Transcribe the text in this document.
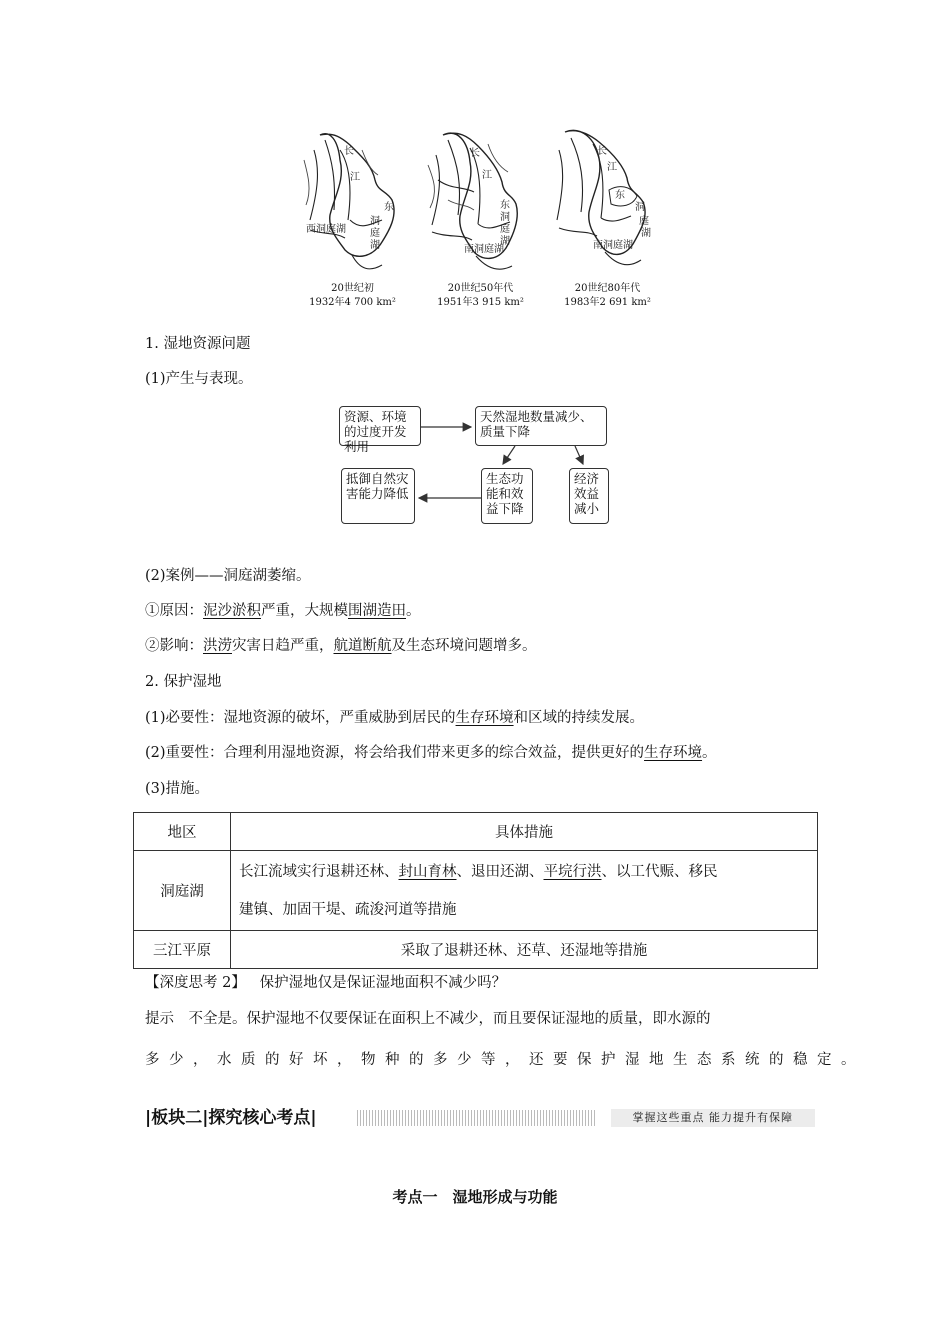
长
江
西洞庭湖
东
洞
庭
湖
20世纪初
1932年4 700 km²
长
江
东
洞
庭
湖
南洞庭湖
20世纪50年代
1951年3 915 km²
长
江
东
洞
庭
湖
南洞庭湖
20世纪80年代
1983年2 691 km²
1. 湿地资源问题
(1)产生与表现。
资源、环境的过度开发利用
天然湿地数量减少、质量下降
生态功能和效益下降
经济效益减小
抵御自然灾害能力降低
(2)案例——洞庭湖萎缩。
①原因：泥沙淤积严重，大规模围湖造田。
②影响：洪涝灾害日趋严重，航道断航及生态环境问题增多。
2. 保护湿地
(1)必要性：湿地资源的破坏，严重威胁到居民的生存环境和区域的持续发展。
(2)重要性：合理利用湿地资源，将会给我们带来更多的综合效益，提供更好的生存环境。
(3)措施。
地区	具体措施
洞庭湖	长江流域实行退耕还林、封山育林、退田还湖、平垸行洪、以工代赈、移民
建镇、加固干堤、疏浚河道等措施
三江平原	采取了退耕还林、还草、还湿地等措施
【深度思考 2】 保护湿地仅是保证湿地面积不减少吗？
提示　不全是。保护湿地不仅要保证在面积上不减少，而且要保证湿地的质量，即水源的
多少，水质的好坏，物种的多少等，还要保护湿地生态系统的稳定。
|板块二|探究核心考点|	掌握这些重点 能力提升有保障
考点一　湿地形成与功能
